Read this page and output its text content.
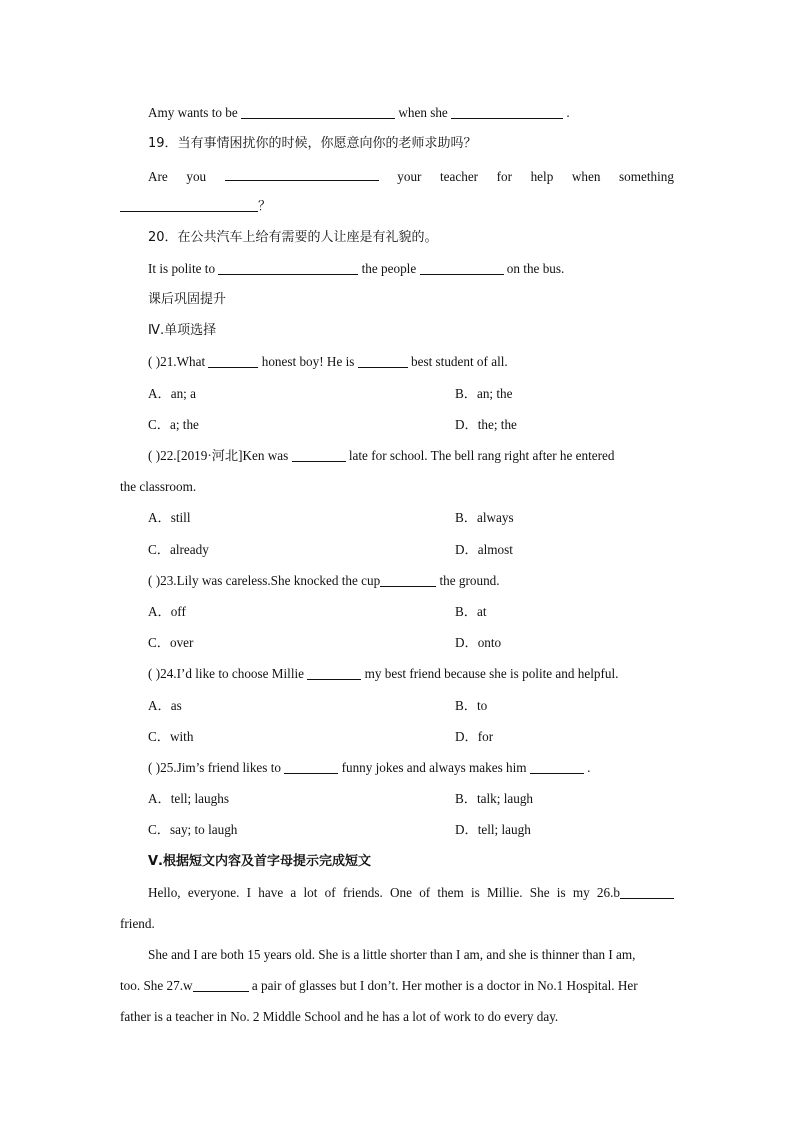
Amy wants to be	when she	.
19．当有事情困扰你的时候，你愿意向你的老师求助吗？
Are you	your teacher for help when something
？
20．在公共汽车上给有需要的人让座是有礼貌的。
It is polite to	the people	on the bus.
课后巩固提升
Ⅳ.单项选择
( )21.What	honest boy! He is	best student of all.
A．an; a	B．an; the
C．a; the	D．the; the
( )22.[2019·河北]Ken was	late for school. The bell rang right after he entered
the classroom.
A．still	B．always
C．already	D．almost
( )23.Lily was careless.She knocked the cup	the ground.
A．off	B．at
C．over	D．onto
( )24.I’d like to choose Millie	my best friend because she is polite and helpful.
A．as	B．to
C．with	D．for
( )25.Jim’s friend likes to	funny jokes and always makes him	.
A．tell; laughs	B．talk; laugh
C．say; to laugh	D．tell; laugh
Ⅴ.根据短文内容及首字母提示完成短文
Hello, everyone. I have a lot of friends. One of them is Millie. She is my 26.b
friend.
She and I are both 15 years old. She is a little shorter than I am, and she is thinner than I am,
too. She 27.w	a pair of glasses but I don’t. Her mother is a doctor in No.1 Hospital. Her
father is a teacher in No. 2 Middle School and he has a lot of work to do every day.
